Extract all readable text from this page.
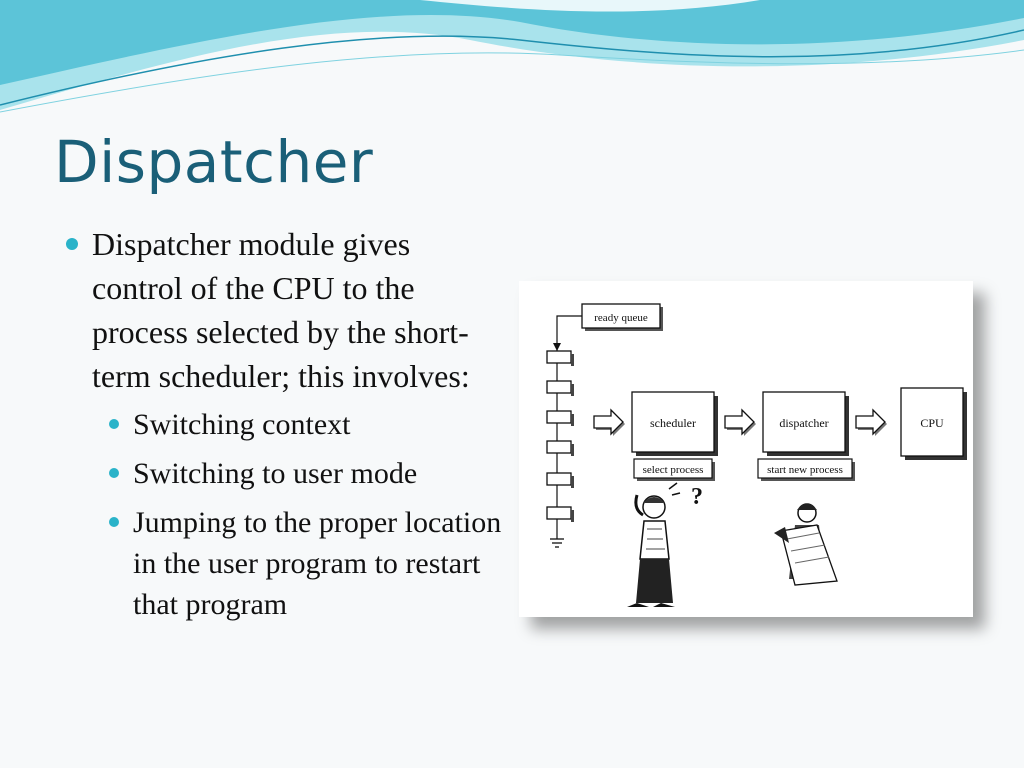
Dispatcher
Dispatcher module gives control of the CPU to the process selected by the short-term scheduler; this involves:
Switching context
Switching to user mode
Jumping to the proper location in the user program to restart that program
ready queue
scheduler	dispatcher	CPU
select process	start new process
?
